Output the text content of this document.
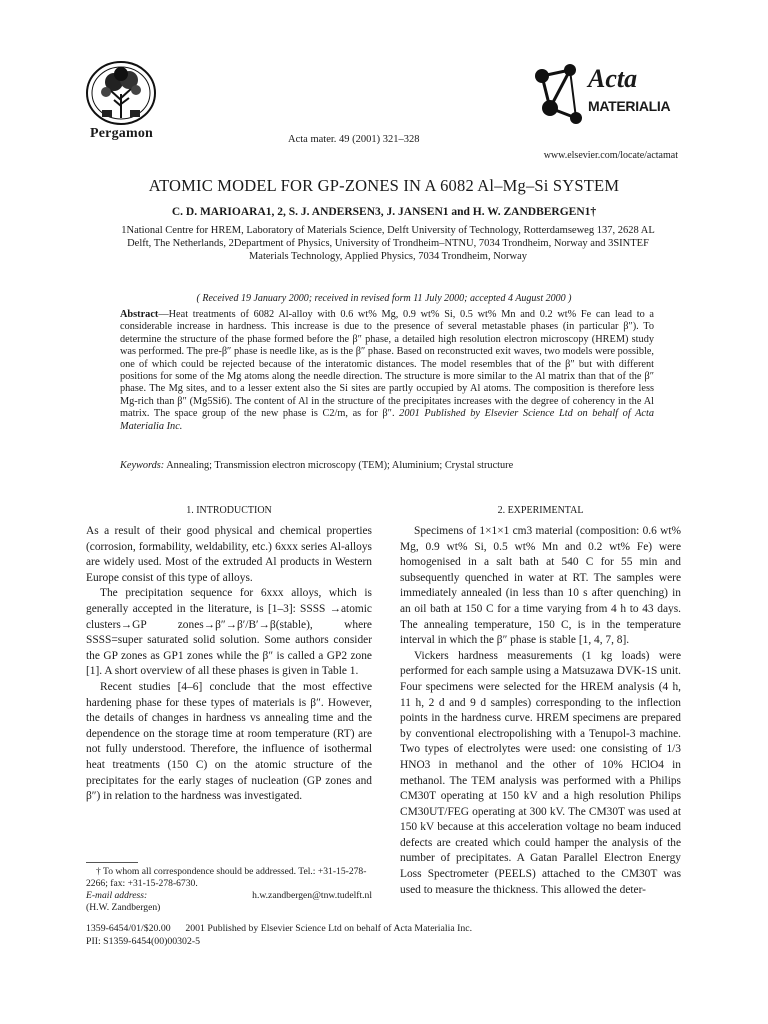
Pergamon	Acta mater. 49 (2001) 321–328
www.elsevier.com/locate/actamat
Acta
MATERIALIA
ATOMIC MODEL FOR GP-ZONES IN A 6082 Al–Mg–Si SYSTEM
C. D. MARIOARA1, 2, S. J. ANDERSEN3, J. JANSEN1 and H. W. ZANDBERGEN1†
1National Centre for HREM, Laboratory of Materials Science, Delft University of Technology, Rotterdamseweg 137, 2628 AL Delft, The Netherlands, 2Department of Physics, University of Trondheim–NTNU, 7034 Trondheim, Norway and 3SINTEF Materials Technology, Applied Physics, 7034 Trondheim, Norway
( Received 19 January 2000; received in revised form 11 July 2000; accepted 4 August 2000 )
Abstract—Heat treatments of 6082 Al-alloy with 0.6 wt% Mg, 0.9 wt% Si, 0.5 wt% Mn and 0.2 wt% Fe can lead to a considerable increase in hardness. This increase is due to the presence of several metastable phases (in particular β″). To determine the structure of the phase formed before the β″ phase, a detailed high resolution electron microscopy (HREM) study was performed. The pre-β″ phase is needle like, as is the β″ phase. Based on reconstructed exit waves, two models were possible, one of which could be rejected because of the interatomic distances. The model resembles that of the β″ but with different positions for some of the Mg atoms along the needle direction. The structure is more similar to the Al matrix than that of the β″ phase. The Mg sites, and to a lesser extent also the Si sites are partly occupied by Al atoms. The composition is therefore less Mg-rich than β″ (Mg5Si6). The content of Al in the structure of the precipitates increases with the degree of coherency in the Al matrix. The space group of the new phase is C2/m, as for β″. 2001 Published by Elsevier Science Ltd on behalf of Acta Materialia Inc.
Keywords: Annealing; Transmission electron microscopy (TEM); Aluminium; Crystal structure
1. INTRODUCTION	2. EXPERIMENTAL

As a result of their good physical and chemical properties (corrosion, formability, weldability, etc.) 6xxx series Al-alloys are widely used. Most of the extruded Al products in Western Europe consist of this type of alloys.

The precipitation sequence for 6xxx alloys, which is generally accepted in the literature, is [1–3]: SSSS →atomic clusters→GP zones→β″→β′/B′→β(stable), where SSSS=super saturated solid solution. Some authors consider the GP zones as GP1 zones while the β″ is called a GP2 zone [1]. A short overview of all these phases is given in Table 1.

Recent studies [4–6] conclude that the most effective hardening phase for these types of materials is β″. However, the details of changes in hardness vs annealing time and the dependence on the storage time at room temperature (RT) are not fully understood. Therefore, the influence of isothermal heat treatments (150 C) on the atomic structure of the precipitates for the early stages of nucleation (GP zones and β″) in relation to the hardness was investigated.

Specimens of 1×1×1 cm3 material (composition: 0.6 wt% Mg, 0.9 wt% Si, 0.5 wt% Mn and 0.2 wt% Fe) were homogenised in a salt bath at 540 C for 55 min and subsequently quenched in water at RT. The samples were immediately annealed (in less than 10 s after quenching) in an oil bath at 150 C for a time varying from 4 h to 43 days. The annealing temperature, 150 C, is in the temperature interval in which the β″ phase is stable [1, 4, 7, 8].

Vickers hardness measurements (1 kg loads) were performed for each sample using a Matsuzawa DVK-1S unit. Four specimens were selected for the HREM analysis (4 h, 11 h, 2 d and 9 d samples) corresponding to the inflection points in the hardness curve. HREM specimens are prepared by conventional electropolishing with a Tenupol-3 machine. Two types of electrolytes were used: one consisting of 1/3 HNO3 in methanol and the other of 10% HClO4 in methanol. The TEM analysis was performed with a Philips CM30T operating at 150 kV and a high resolution Philips CM30UT/FEG operating at 300 kV. The CM30T was used at 150 kV because at this acceleration voltage no beam induced defects are created which could hamper the analysis of the number of precipitates. A Gatan Parallel Electron Energy Loss Spectrometer (PEELS) attached to the CM30T was used to measure the thickness. This allowed the deter-

† To whom all correspondence should be addressed. Tel.: +31-15-278-2266; fax: +31-15-278-6730.
E-mail address:	h.w.zandbergen@tnw.tudelft.nl
(H.W. Zandbergen)
1359-6454/01/$20.00      2001 Published by Elsevier Science Ltd on behalf of Acta Materialia Inc.
PII: S1359-6454(00)00302-5
